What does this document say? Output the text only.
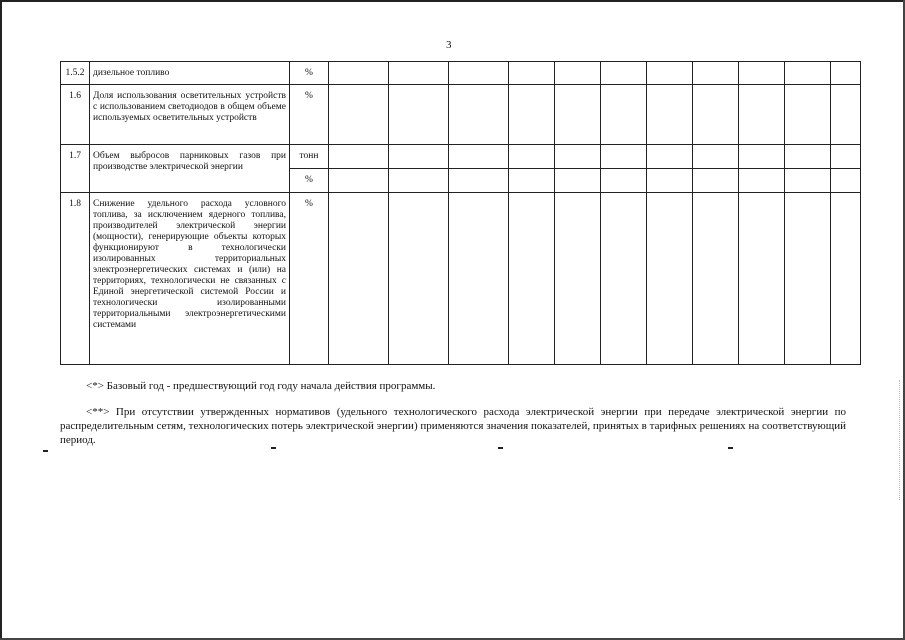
3
1.5.2	дизельное топливо	%											
1.6	Доля использования осветительных устройств с использованием светодиодов в общем объеме используемых осветительных устройств	%											
1.7	Объем выбросов парниковых газов при производстве электрической энергии	тонн											
		%											
1.8	Снижение удельного расхода условного топлива, за исключением ядерного топлива, производителей электрической энергии (мощности), генерирующие объекты которых функционируют в технологически изолированных территориальных электроэнергетических системах и (или) на территориях, технологически не связанных с Единой энергетической системой России и технологически изолированными территориальными электроэнергетическими системами	%											
<*> Базовый год - предшествующий год году начала действия программы.
<**> При отсутствии утвержденных нормативов (удельного технологического расхода электрической энергии при передаче электрической энергии по распределительным сетям, технологических потерь электрической энергии) применяются значения показателей, принятых в тарифных решениях на соответствующий период.
